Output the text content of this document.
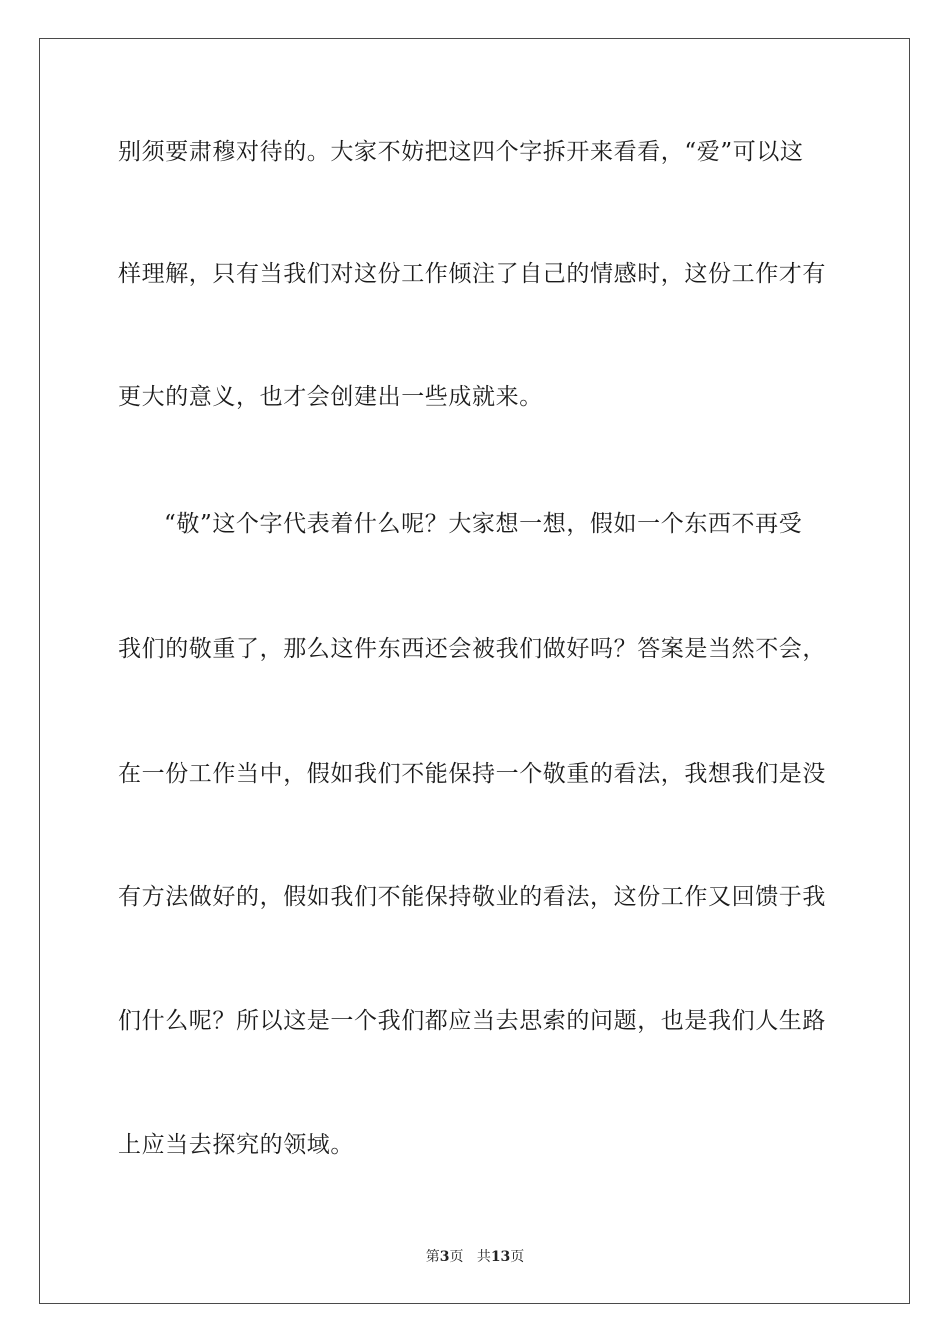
别须要肃穆对待的。大家不妨把这四个字拆开来看看，“爱”可以这
样理解，只有当我们对这份工作倾注了自己的情感时，这份工作才有
更大的意义，也才会创建出一些成就来。
“敬”这个字代表着什么呢？大家想一想，假如一个东西不再受
我们的敬重了，那么这件东西还会被我们做好吗？答案是当然不会，
在一份工作当中，假如我们不能保持一个敬重的看法，我想我们是没
有方法做好的，假如我们不能保持敬业的看法，这份工作又回馈于我
们什么呢？所以这是一个我们都应当去思索的问题，也是我们人生路
上应当去探究的领域。
第3页 共13页
